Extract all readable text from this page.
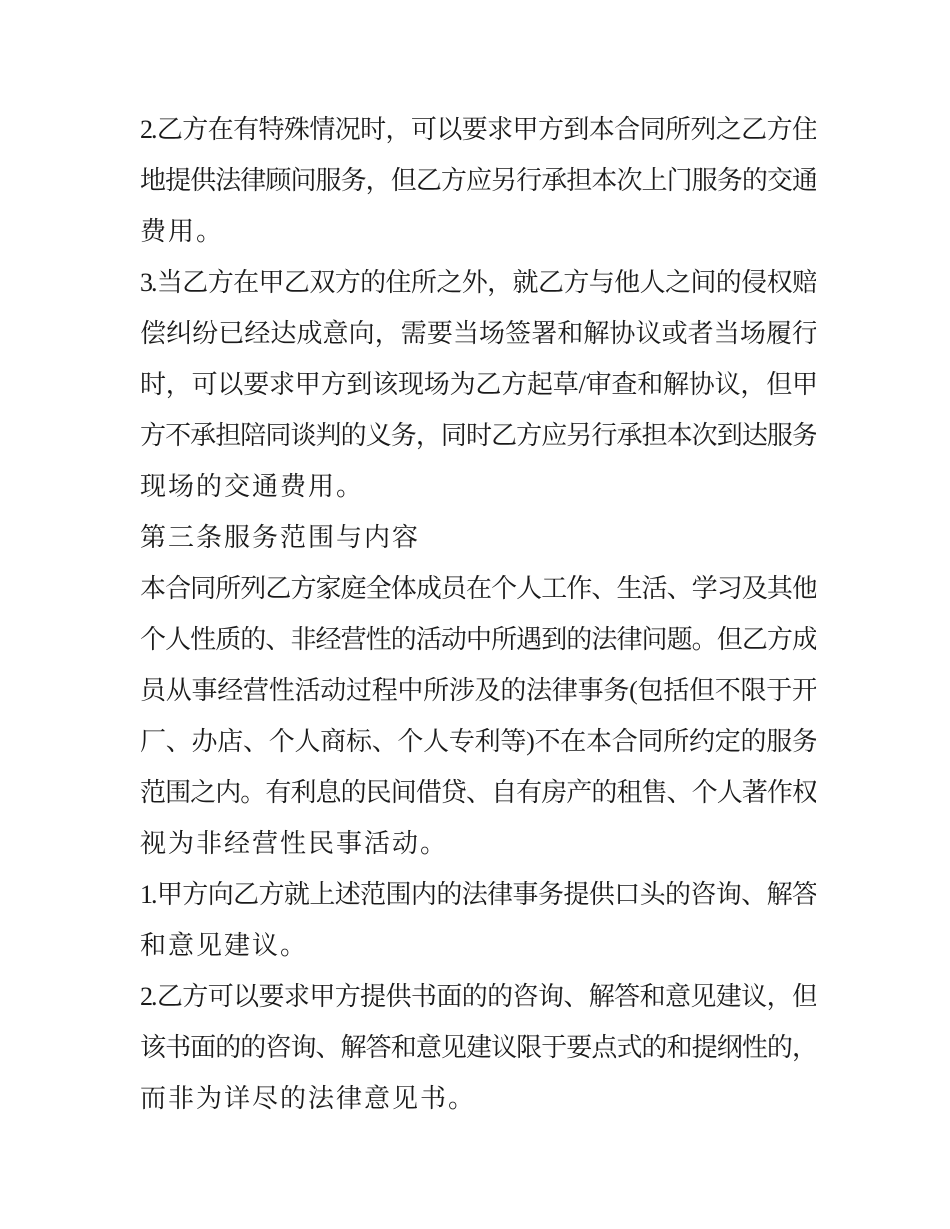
2.乙方在有特殊情况时，可以要求甲方到本合同所列之乙方住
地提供法律顾问服务，但乙方应另行承担本次上门服务的交通
费用。
3.当乙方在甲乙双方的住所之外，就乙方与他人之间的侵权赔
偿纠纷已经达成意向，需要当场签署和解协议或者当场履行
时，可以要求甲方到该现场为乙方起草/审查和解协议，但甲
方不承担陪同谈判的义务，同时乙方应另行承担本次到达服务
现场的交通费用。
第三条服务范围与内容
本合同所列乙方家庭全体成员在个人工作、生活、学习及其他
个人性质的、非经营性的活动中所遇到的法律问题。但乙方成
员从事经营性活动过程中所涉及的法律事务(包括但不限于开
厂、办店、个人商标、个人专利等)不在本合同所约定的服务
范围之内。有利息的民间借贷、自有房产的租售、个人著作权
视为非经营性民事活动。
1.甲方向乙方就上述范围内的法律事务提供口头的咨询、解答
和意见建议。
2.乙方可以要求甲方提供书面的的咨询、解答和意见建议，但
该书面的的咨询、解答和意见建议限于要点式的和提纲性的，
而非为详尽的法律意见书。
